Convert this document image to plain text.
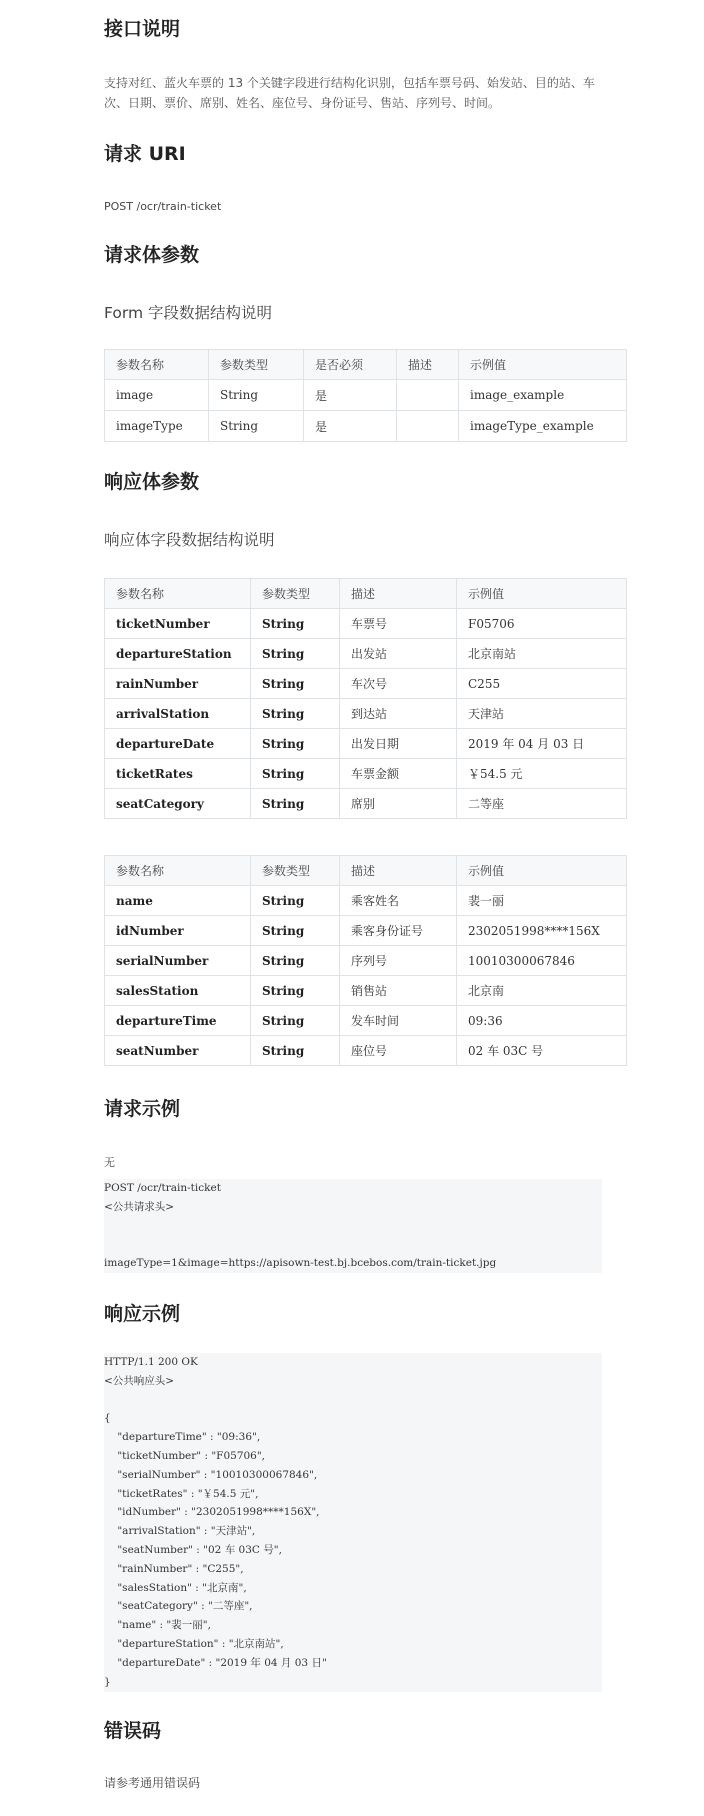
接口说明
支持对红、蓝火车票的 13 个关键字段进行结构化识别，包括车票号码、始发站、目的站、车次、日期、票价、席别、姓名、座位号、身份证号、售站、序列号、时间。
请求 URI
POST /ocr/train-ticket
请求体参数
Form 字段数据结构说明
参数名称	参数类型	是否必须	描述	示例值
image	String	是		image_example
imageType	String	是		imageType_example
响应体参数
响应体字段数据结构说明
参数名称	参数类型	描述	示例值
ticketNumber	String	车票号	F05706
departureStation	String	出发站	北京南站
rainNumber	String	车次号	C255
arrivalStation	String	到达站	天津站
departureDate	String	出发日期	2019 年 04 月 03 日
ticketRates	String	车票金额	￥54.5 元
seatCategory	String	席别	二等座
参数名称	参数类型	描述	示例值
name	String	乘客姓名	裴一丽
idNumber	String	乘客身份证号	2302051998****156X
serialNumber	String	序列号	10010300067846
salesStation	String	销售站	北京南
departureTime	String	发车时间	09:36
seatNumber	String	座位号	02 车 03C 号
请求示例
无
POST /ocr/train-ticket
<公共请求头>
imageType=1&image=https://apisown-test.bj.bcebos.com/train-ticket.jpg
响应示例
HTTP/1.1 200 OK
<公共响应头>
{
"departureTime" : "09:36",
"ticketNumber" : "F05706",
"serialNumber" : "10010300067846",
"ticketRates" : "￥54.5 元",
"idNumber" : "2302051998****156X",
"arrivalStation" : "天津站",
"seatNumber" : "02 车 03C 号",
"rainNumber" : "C255",
"salesStation" : "北京南",
"seatCategory" : "二等座",
"name" : "裴一丽",
"departureStation" : "北京南站",
"departureDate" : "2019 年 04 月 03 日"
}
错误码
请参考通用错误码
